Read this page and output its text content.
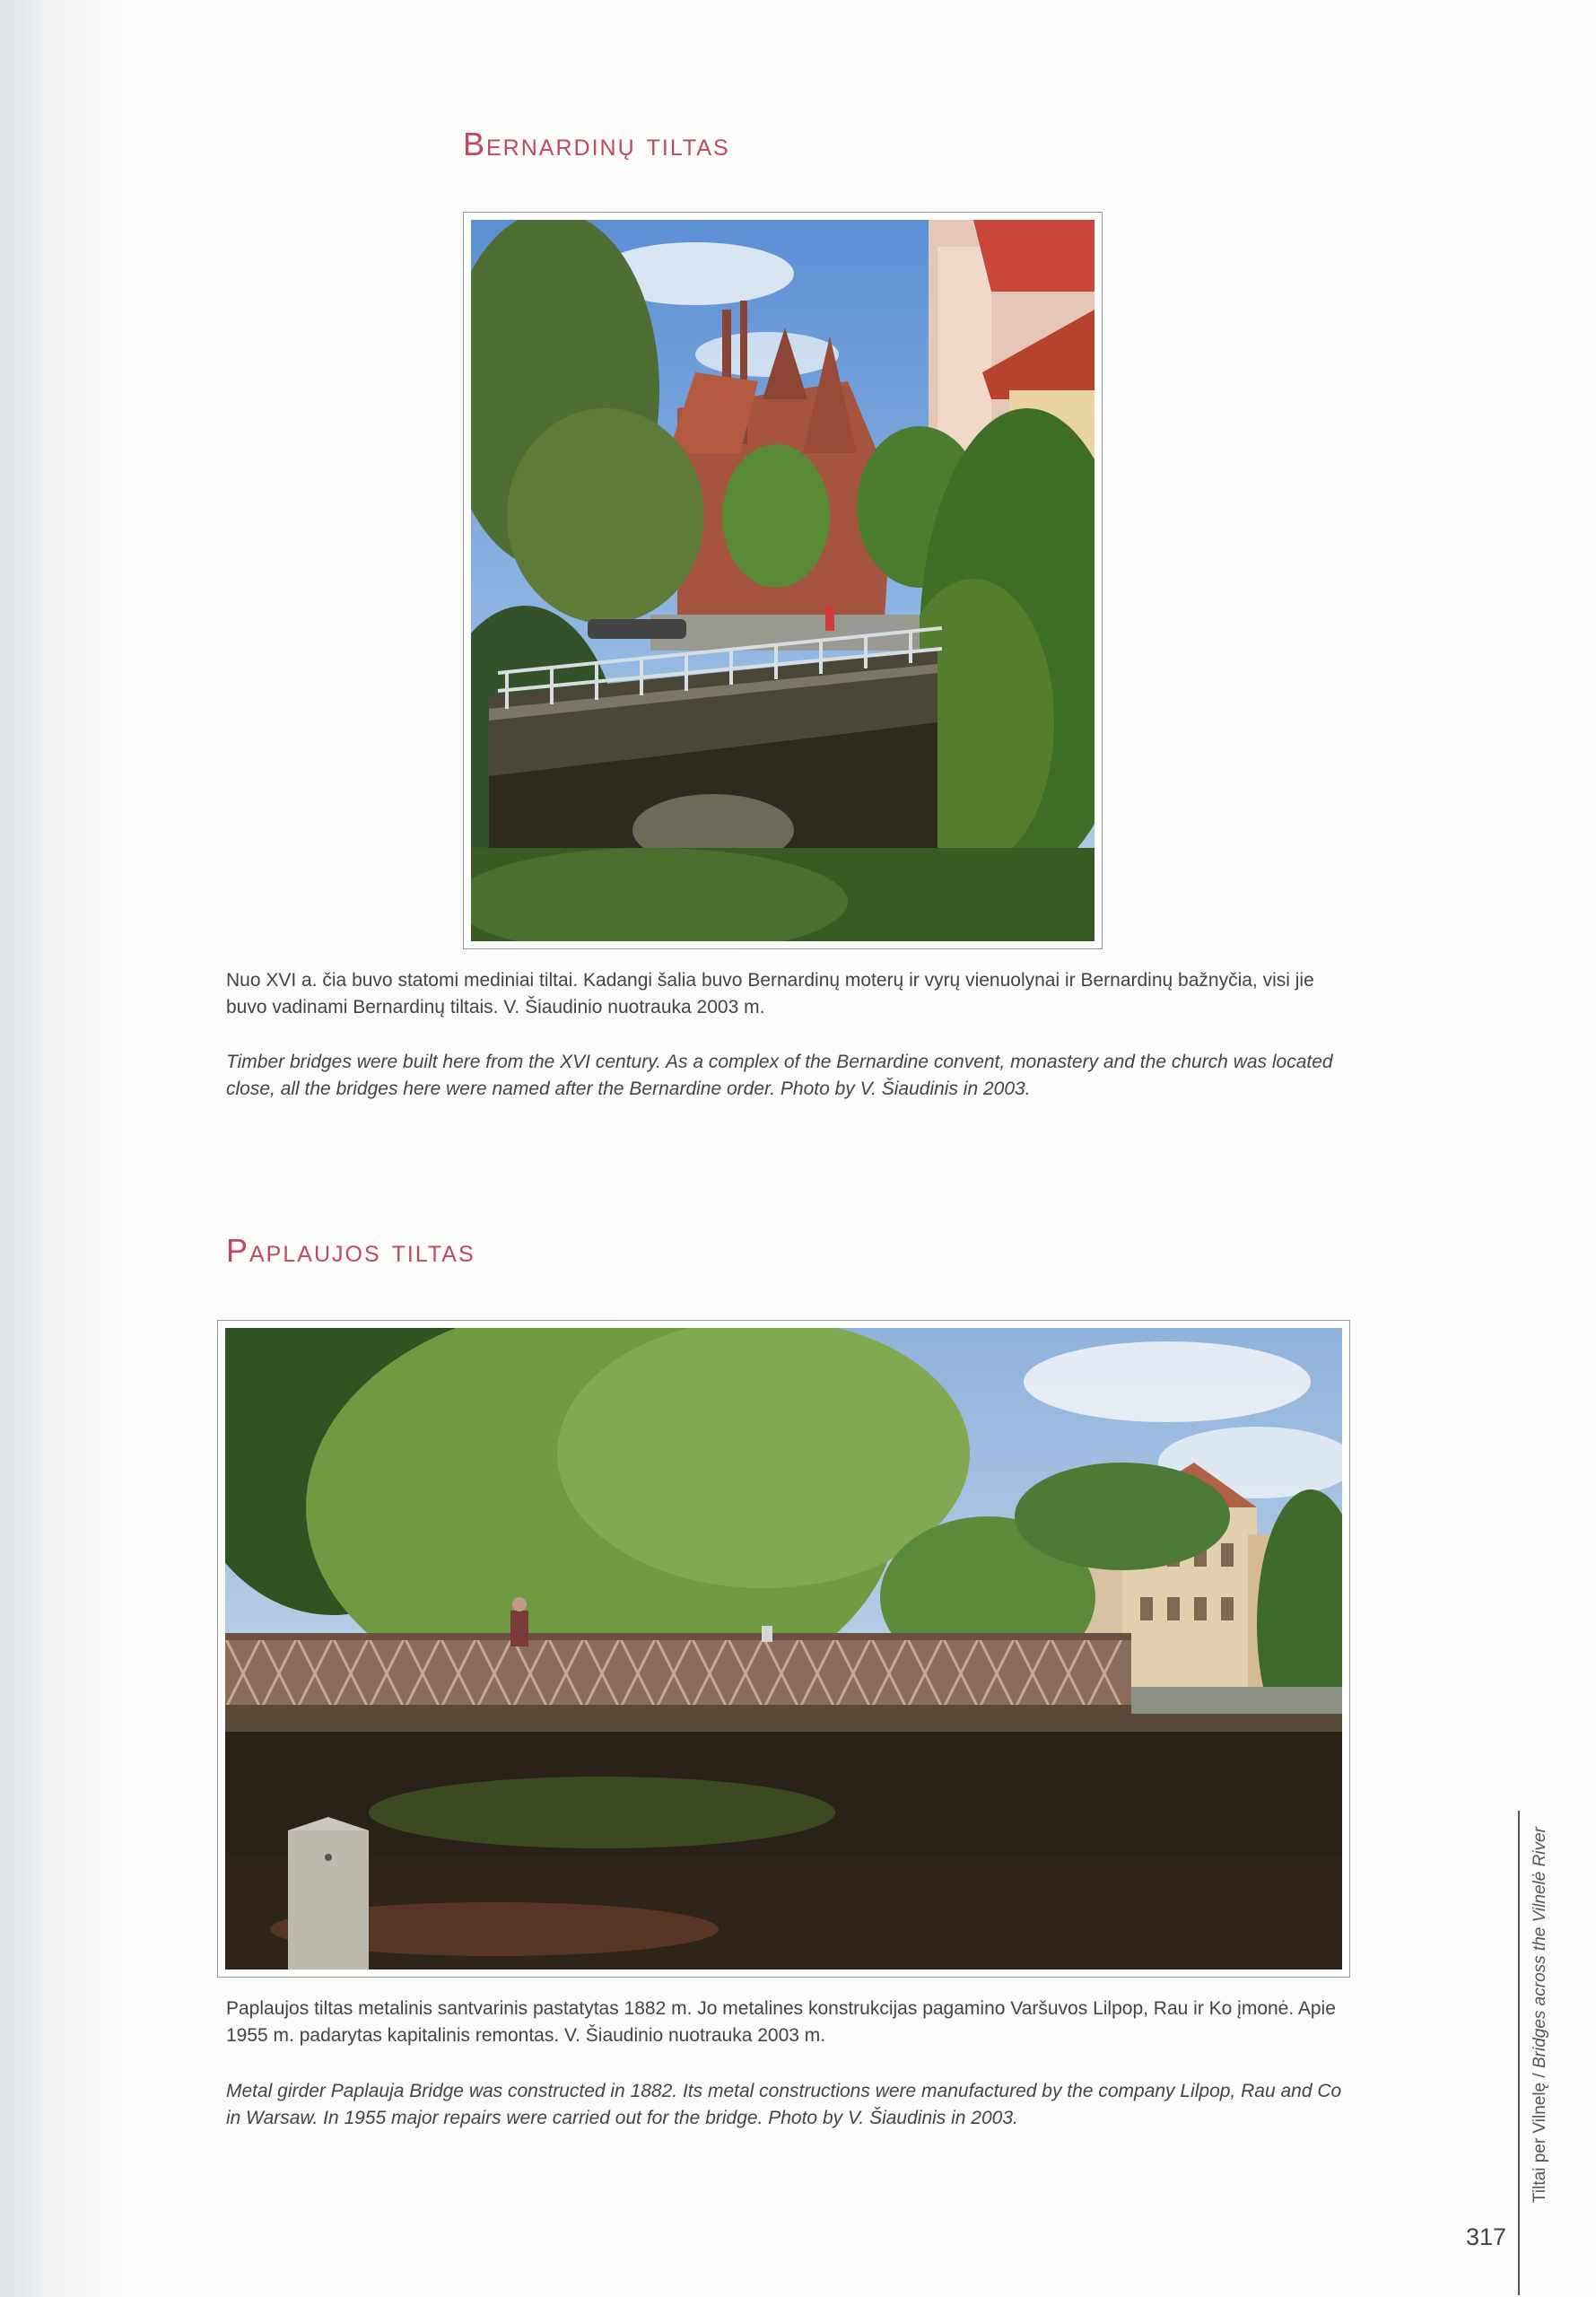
Bernardinų tiltas

Nuo XVI a. čia buvo statomi mediniai tiltai. Kadangi šalia buvo Bernardinų moterų ir vyrų vienuolynai ir Bernardinų bažnyčia, visi jie buvo vadinami Bernardinų tiltais. V. Šiaudinio nuotrauka 2003 m.

Timber bridges were built here from the XVI century. As a complex of the Bernardine convent, monastery and the church was located close, all the bridges here were named after the Bernardine order. Photo by V. Šiaudinis in 2003.

Paplaujos tiltas

Paplaujos tiltas metalinis santvarinis pastatytas 1882 m. Jo metalines konstrukcijas pagamino Varšuvos Lilpop, Rau ir Ko įmonė. Apie 1955 m. padarytas kapitalinis remontas. V. Šiaudinio nuotrauka 2003 m.

Metal girder Paplauja Bridge was constructed in 1882. Its metal constructions were manufactured by the company Lilpop, Rau and Co in Warsaw. In 1955 major repairs were carried out for the bridge. Photo by V. Šiaudinis in 2003.	Tiltai per Vilnelę / Bridges across the Vilnelė River
317
